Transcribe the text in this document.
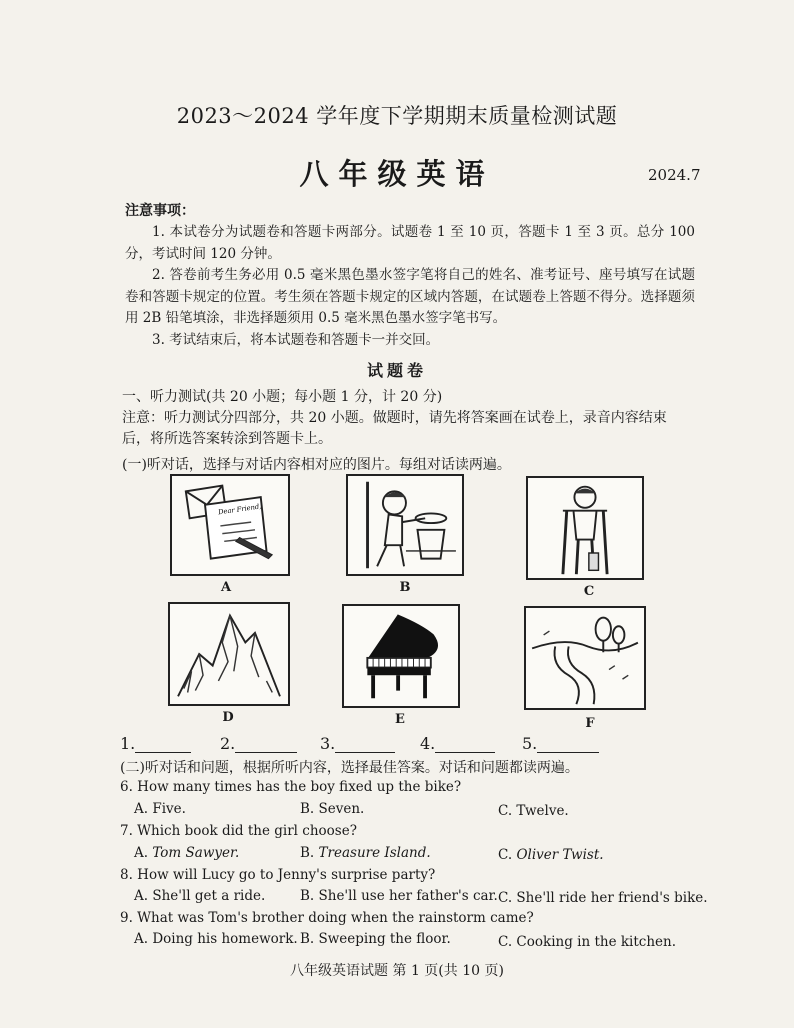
2023～2024 学年度下学期期末质量检测试题
八年级英语	2024.7
注意事项：

1. 本试卷分为试题卷和答题卡两部分。试题卷 1 至 10 页，答题卡 1 至 3 页。总分 100 分，考试时间 120 分钟。

2. 答卷前考生务必用 0.5 毫米黑色墨水签字笔将自己的姓名、准考证号、座号填写在试题卷和答题卡规定的位置。考生须在答题卡规定的区域内答题，在试题卷上答题不得分。选择题须用 2B 铅笔填涂，非选择题须用 0.5 毫米黑色墨水签字笔书写。

3. 考试结束后，将本试题卷和答题卡一并交回。

试题卷
一、听力测试(共 20 小题；每小题 1 分，计 20 分)
注意：听力测试分四部分，共 20 小题。做题时，请先将答案画在试卷上，录音内容结束后，将所选答案转涂到答题卡上。
(一)听对话，选择与对话内容相对应的图片。每组对话读两遍。
Dear Friend,
A	B	C
D	E	F
1.	2.	3.	4.	5.
(二)听对话和问题，根据所听内容，选择最佳答案。对话和问题都读两遍。
6. How many times has the boy fixed up the bike?
A. Five.	B. Seven.	C. Twelve.
7. Which book did the girl choose?
A. Tom Sawyer.	B. Treasure Island.	C. Oliver Twist.
8. How will Lucy go to Jenny's surprise party?
A. She'll get a ride.	B. She'll use her father's car. C. She'll ride her friend's bike.
9. What was Tom's brother doing when the rainstorm came?
A. Doing his homework. B. Sweeping the floor.	C. Cooking in the kitchen.
八年级英语试题 第 1 页(共 10 页)
